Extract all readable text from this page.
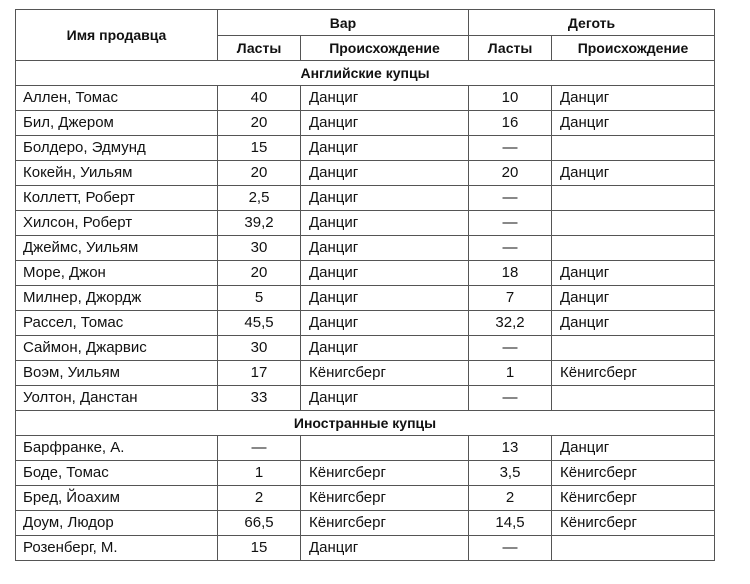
Имя продавца	Вар		Деготь	
	Ласты	Происхождение	Ласты	Происхождение
Английские купцы				
Аллен, Томас	40	Данциг	10	Данциг
Бил, Джером	20	Данциг	16	Данциг
Болдеро, Эдмунд	15	Данциг	—	
Кокейн, Уильям	20	Данциг	20	Данциг
Коллетт, Роберт	2,5	Данциг	—	
Хилсон, Роберт	39,2	Данциг	—	
Джеймс, Уильям	30	Данциг	—	
Море, Джон	20	Данциг	18	Данциг
Милнер, Джордж	5	Данциг	7	Данциг
Рассел, Томас	45,5	Данциг	32,2	Данциг
Саймон, Джарвис	30	Данциг	—	
Воэм, Уильям	17	Кёнигсберг	1	Кёнигсберг
Уолтон, Данстан	33	Данциг	—	
Иностранные купцы				
Барфранке, А.	—		13	Данциг
Боде, Томас	1	Кёнигсберг	3,5	Кёнигсберг
Бред, Йоахим	2	Кёнигсберг	2	Кёнигсберг
Доум, Людор	66,5	Кёнигсберг	14,5	Кёнигсберг
Розенберг, М.	15	Данциг	—	
